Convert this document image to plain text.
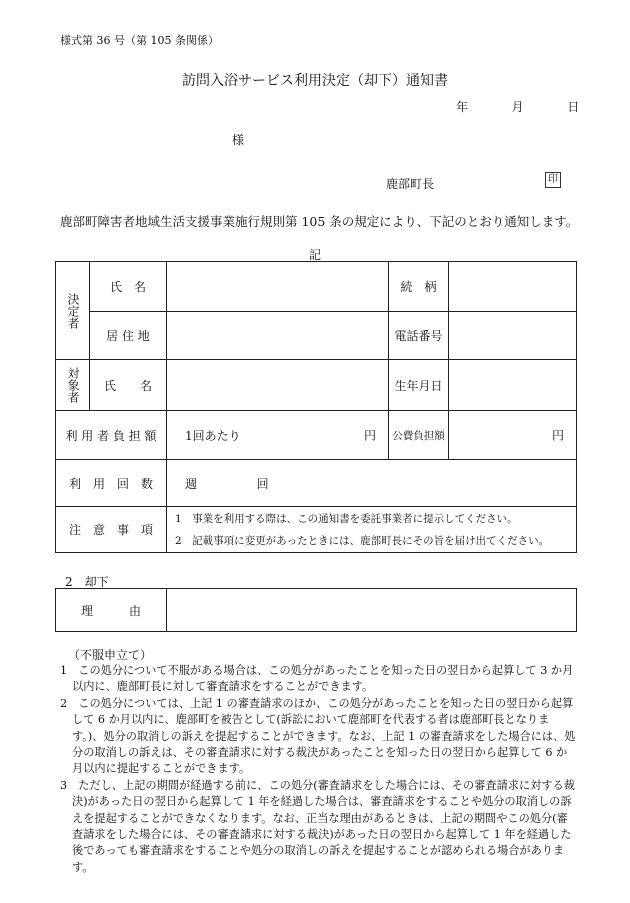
様式第 36 号（第 105 条関係）
訪問入浴サービス利用決定（却下）通知書
年	月	日
様
鹿部町長	印
鹿部町障害者地域生活支援事業施行規則第 105 条の規定により、下記のとおり通知します。
記
決定者	氏　名		続　柄	
	居 住 地		電話番号	

対象者	氏　　名		生年月日	
利 用 者 負 担 額		1回あたり 円	公費負担額	円

利　用　回　数		週 回		
注　意　事　項		1　事業を利用する際は、この通知書を委託事業者に提示してください。
2　記載事項に変更があったときには、鹿部町長にその旨を届け出てください。		
2　却下
理　　　由	
（不服申立て）

1　この処分について不服がある場合は、この処分があったことを知った日の翌日から起算して 3 か月以内に、鹿部町長に対して審査請求をすることができます。

2　この処分については、上記 1 の審査請求のほか、この処分があったことを知った日の翌日から起算して 6 か月以内に、鹿部町を被告として(訴訟において鹿部町を代表する者は鹿部町長となります。)、処分の取消しの訴えを提起することができます。なお、上記 1 の審査請求をした場合には、処分の取消しの訴えは、その審査請求に対する裁決があったことを知った日の翌日から起算して 6 か月以内に提起することができます。

3　ただし、上記の期間が経過する前に、この処分(審査請求をした場合には、その審査請求に対する裁決)があった日の翌日から起算して 1 年を経過した場合は、審査請求をすることや処分の取消しの訴えを提起することができなくなります。なお、正当な理由があるときは、上記の期間やこの処分(審査請求をした場合には、その審査請求に対する裁決)があった日の翌日から起算して 1 年を経過した後であっても審査請求をすることや処分の取消しの訴えを提起することが認められる場合があります。
